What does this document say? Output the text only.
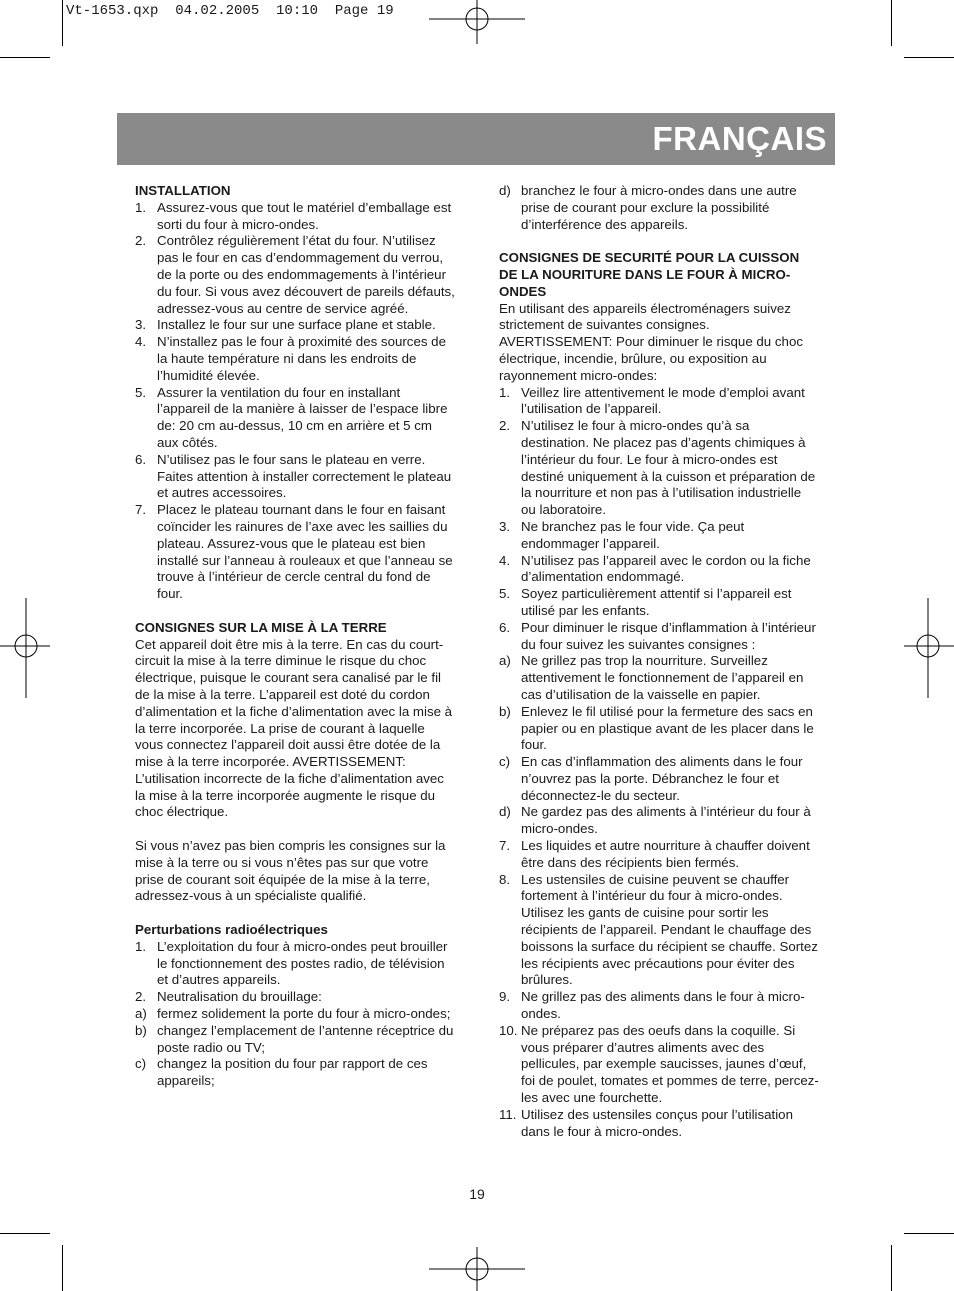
Vt-1653.qxp  04.02.2005  10:10  Page 19
FRANÇAIS
INSTALLATION
1. Assurez-vous que tout le matériel d’emballage est sorti du four à micro-ondes.
2. Contrôlez régulièrement l’état du four. N’utilisez pas le four en cas d’endommagement du verrou, de la porte ou des endommagements à l’intérieur du four. Si vous avez découvert de pareils défauts, adressez-vous au centre de service agréé.
3. Installez le four sur une surface plane et stable.
4. N’installez pas le four à proximité des sources de la haute température ni dans les endroits de l’humidité élevée.
5. Assurer la ventilation du four en installant l’appareil de la manière à laisser de l’espace libre de: 20 cm au-dessus, 10 cm en arrière et 5 cm aux côtés.
6. N’utilisez pas le four sans le plateau en verre. Faites attention à installer correctement le plateau et autres accessoires.
7. Placez le plateau tournant dans le four en faisant coïncider les rainures de l’axe avec les saillies du plateau. Assurez-vous que le plateau est bien installé sur l’anneau à rouleaux et que l’anneau se trouve à l’intérieur de cercle central du fond de four.
CONSIGNES SUR LA MISE À LA TERRE

Cet appareil doit être mis à la terre. En cas du court-circuit la mise à la terre diminue le risque du choc électrique, puisque le courant sera canalisé par le fil de la mise à la terre. L’appareil est doté du cordon d’alimentation et la fiche d’alimentation avec la mise à la terre incorporée. La prise de courant à laquelle vous connectez l’appareil doit aussi être dotée de la mise à la terre incorporée. AVERTISSEMENT: L’utilisation incorrecte de la fiche d’alimentation avec la mise à la terre incorporée augmente le risque du choc électrique.

Si vous n’avez pas bien compris les consignes sur la mise à la terre ou si vous n’êtes pas sur que votre prise de courant soit équipée de la mise à la terre, adressez-vous à un spécialiste qualifié.

Perturbations radioélectriques
1. L’exploitation du four à micro-ondes peut brouiller le fonctionnement des postes radio, de télévision et d’autres appareils.
2. Neutralisation du brouillage:
a) fermez solidement la porte du four à micro-ondes;
b) changez l’emplacement de l’antenne réceptrice du poste radio ou TV;
c) changez la position du four par rapport de ces appareils;
d) branchez le four à micro-ondes dans une autre prise de courant pour exclure la possibilité d’interférence des appareils.
CONSIGNES DE SECURITÉ POUR LA CUISSON DE LA NOURITURE DANS LE FOUR À MICRO-ONDES

En utilisant des appareils électroménagers suivez strictement de suivantes consignes. AVERTISSEMENT: Pour diminuer le risque du choc électrique, incendie, brûlure, ou exposition au rayonnement micro-ondes:

1. Veillez lire attentivement le mode d’emploi avant l’utilisation de l’appareil.
2. N’utilisez le four à micro-ondes qu’à sa destination. Ne placez pas d’agents chimiques à l’intérieur du four. Le four à micro-ondes est destiné uniquement à la cuisson et préparation de la nourriture et non pas à l’utilisation industrielle ou laboratoire.
3. Ne branchez pas le four vide. Ça peut endommager l’appareil.
4. N’utilisez pas l’appareil avec le cordon ou la fiche d’alimentation endommagé.
5. Soyez particulièrement attentif si l’appareil est utilisé par les enfants.
6. Pour diminuer le risque d’inflammation à l’intérieur du four suivez les suivantes consignes :
a) Ne grillez pas trop la nourriture. Surveillez attentivement le fonctionnement de l’appareil en cas d’utilisation de la vaisselle en papier.
b) Enlevez le fil utilisé pour la fermeture des sacs en papier ou en plastique avant de les placer dans le four.
c) En cas d’inflammation des aliments dans le four n’ouvrez pas la porte. Débranchez le four et déconnectez-le du secteur.
d) Ne gardez pas des aliments à l’intérieur du four à micro-ondes.
7. Les liquides et autre nourriture à chauffer doivent être dans des récipients bien fermés.
8. Les ustensiles de cuisine peuvent se chauffer fortement à l’intérieur du four à micro-ondes. Utilisez les gants de cuisine pour sortir les récipients de l’appareil. Pendant le chauffage des boissons la surface du récipient se chauffe. Sortez les récipients avec précautions pour éviter des brûlures.
9. Ne grillez pas des aliments dans le four à micro-ondes.
10. Ne préparez pas des oeufs dans la coquille. Si vous préparer d’autres aliments avec des pellicules, par exemple saucisses, jaunes d’œuf, foi de poulet, tomates et pommes de terre, percez-les avec une fourchette.
11. Utilisez des ustensiles conçus pour l’utilisation dans le four à micro-ondes.
19
